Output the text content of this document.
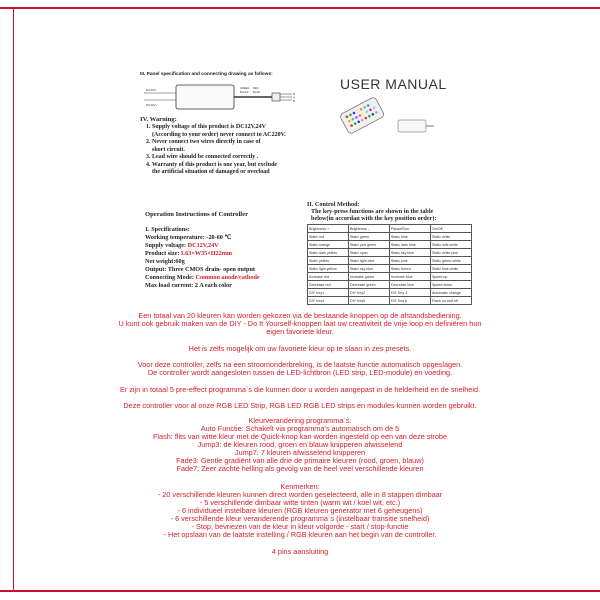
III. Panel specification and connecting drawing as follows:
DC12V-
DC12V+
GREEN
BLACK
RED
BLUE
R
G
B
IV. Warning:
1. Supply voltage of this product is DC12V,24V
(According to your order) never connect to AC220V.
2. Never connect two wires directly in case of
short circuit.
3. Lead wire should be connected correctly .
4. Warranty of this product is one year, but exclude
the artificial situation of damaged or overload
USER MANUAL
Operation Instructions of Controller
1. Specifications:
Working temperature: -20-60 ℃
Supply voltage: DC12V,24V
Product size: L63×W35×H22mm
Net weight:60g
Output: Three CMOS drain- open output
Connecting Mode: Common anode/cathode
Max load current: 2 A each color
II. Control Method:
The key-press functions are shown in the table
below(in accordan with the key position order):
Brightness +	Brightness -	Pause/Run	On/Off
Static red	Static green	Static blue	Static white
Static orange	Static pea green	Static dark blue	Static milk white
Static dark yellow	Static cyan	Static sky blue	Static white pink
Static yellow	Static light blue	Static pink	Static green-white
Static light yellow	Static sky blue	Static brown	Static blue-white
Increase red	Increase green	Increase blue	Speed up
Decrease red	Decrease green	Decrease blue	Speed down
DIY Key1	DIY Key2	DIY Key 3	Automatic change
DIY Key4	DIY Key5	DIY Key 6	Flash on and off
Een totaal van 20 kleuren kan worden gekozen via de bestaande knoppen op de afstandsbediening.
U kunt ook gebruik maken van de DIY - Do It Yourself-knoppen laat uw creativiteit de vrije loop en definiëren hun
eigen favoriete kleur.
Het is zelfs mogelijk om uw favoriete kleur op te slaan in zes presets.
Voor deze controller, zelfs na een stroomonderbreking, is de laatste functie automatisch opgeslagen.
De controller wordt aangesloten tussen de LED-lichtbron (LED strip, LED-module) en voeding.
Er zijn in totaal 5 pre-effect programma`s die kunnen door u worden aangepast in de helderheid en de snelheid.
Deze controller voor al onze RGB LED Strip, RGB LED RGB LED strips en modules kunnen worden gebruikt.
Kleurverandering programma`s:
Auto Functie: Schakelt via programma's automatisch om de 5
Flash: flits van witte kleur met de Quick-knop kan worden ingesteld op een van deze strobe
Jump3: de kleuren rood, groen en blauw knipperen afwisselend
Jump7: 7 kleuren afwisselend knipperen
Fade3: Gentle gradiënt van alle drie de primaire kleuren (rood, groen, blauw)
Fade7: Zeer zachte helling als gevolg van de heel veel verschillende kleuren
Kenmerken:
- 20 verschillende kleuren kunnen direct worden geselecteerd, alle in 8 stappen dimbaar
- 5 verschillende dimbaar witte tinten (warm wit / koel wit, etc.)
- 6 individueel instelbare kleuren (RGB kleuren generator met 6 geheugens)
- 6 verschillende kleur veranderende programma`s (instelbaar transitie snelheid)
- Stop, bevriezen van de kleur in kleur volgorde - start / stop-functie
- Het opslaan van de laatste instelling / RGB kleuren aan het begin van de controller.
4 pins aansluiting
